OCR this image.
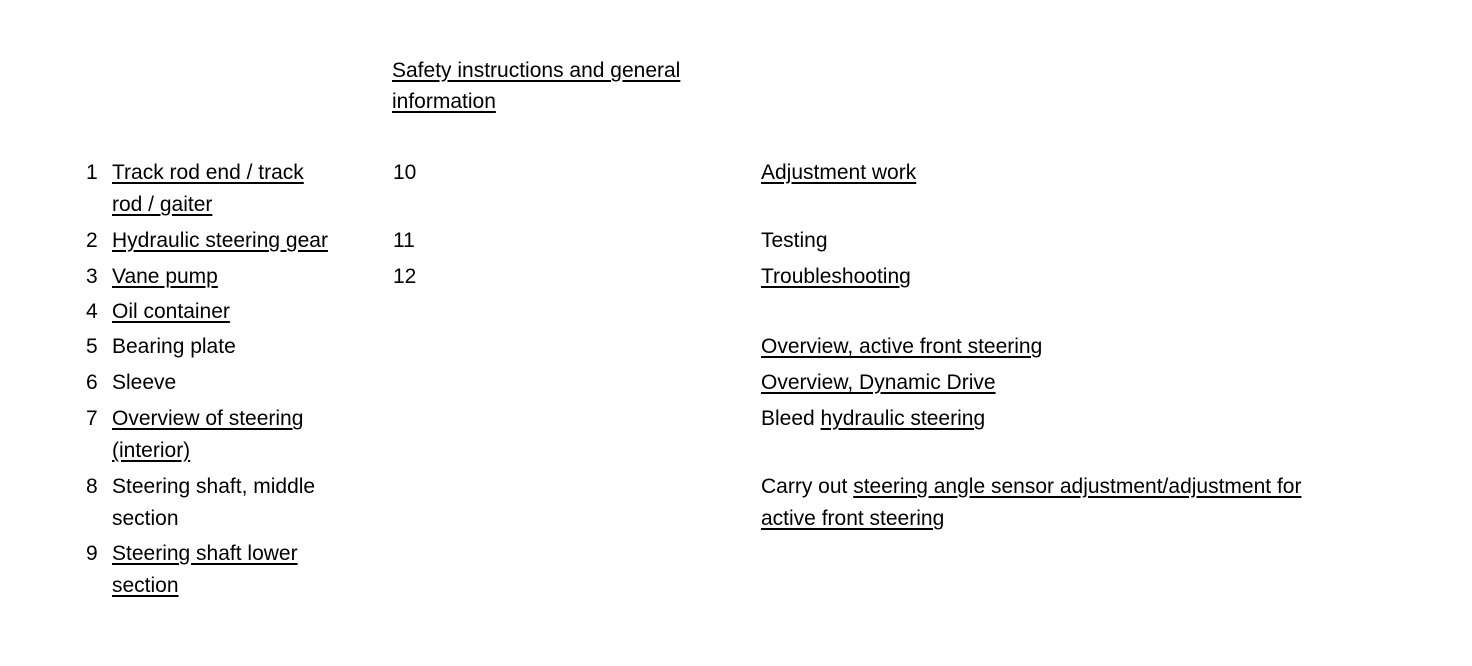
Safety instructions and general
information
1 Track rod end / track
rod / gaiter
2 Hydraulic steering gear
3 Vane pump
4 Oil container
5 Bearing plate
6 Sleeve
7 Overview of steering
(interior)
8 Steering shaft, middle
section
9 Steering shaft lower
section
10
11
12
Adjustment work
Testing
Troubleshooting
Overview, active front steering
Overview, Dynamic Drive
Bleed hydraulic steering
Carry out steering angle sensor adjustment/adjustment for
active front steering
